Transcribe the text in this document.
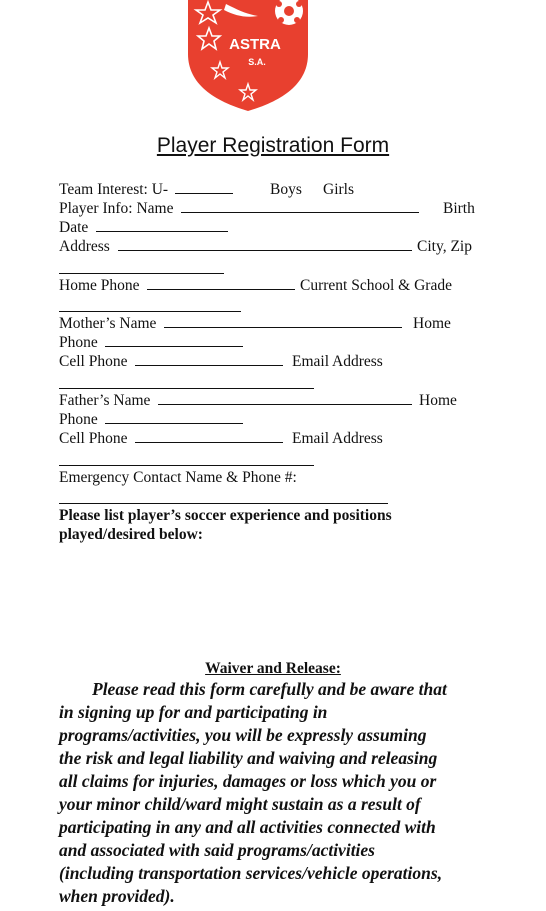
ASTRA
S.A.
Player Registration Form
Team Interest: U-	Boys Girls
Player Info: Name	Birth
Date
Address	City, Zip
Home Phone	Current School & Grade
Mother’s Name	Home
Phone
Cell Phone	Email Address
Father’s Name	Home
Phone
Cell Phone	Email Address
Emergency Contact Name & Phone #:
Please list player’s soccer experience and positions
played/desired below:
Waiver and Release:
Please read this form carefully and be aware that
in signing up for and participating in
programs/activities, you will be expressly assuming
the risk and legal liability and waiving and releasing
all claims for injuries, damages or loss which you or
your minor child/ward might sustain as a result of
participating in any and all activities connected with
and associated with said programs/activities
(including transportation services/vehicle operations,
when provided).
